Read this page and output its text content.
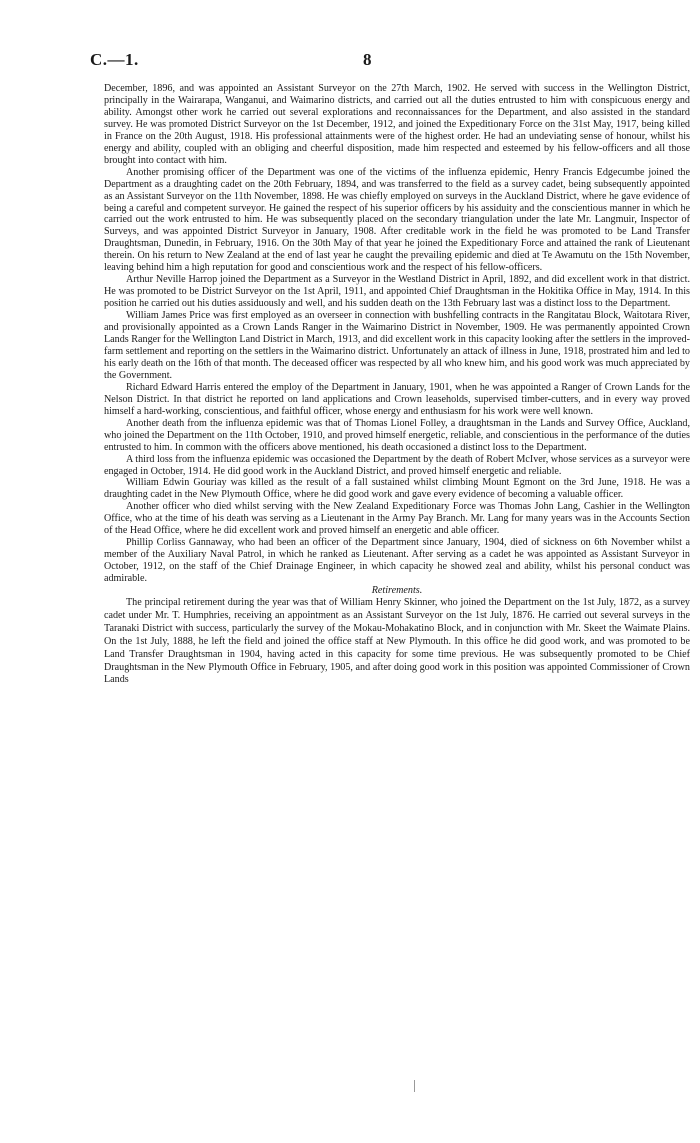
C.—1.	8

December, 1896, and was appointed an Assistant Surveyor on the 27th March, 1902. He served with success in the Wellington District, principally in the Wairarapa, Wanganui, and Waimarino districts, and carried out all the duties entrusted to him with conspicuous energy and ability. Amongst other work he carried out several explorations and reconnaissances for the Department, and also assisted in the standard survey. He was promoted District Surveyor on the 1st December, 1912, and joined the Expeditionary Force on the 31st May, 1917, being killed in France on the 20th August, 1918. His professional attainments were of the highest order. He had an undeviating sense of honour, whilst his energy and ability, coupled with an obliging and cheerful disposition, made him respected and esteemed by his fellow-officers and all those brought into contact with him.

Another promising officer of the Department was one of the victims of the influenza epidemic, Henry Francis Edgecumbe joined the Department as a draughting cadet on the 20th February, 1894, and was transferred to the field as a survey cadet, being subsequently appointed as an Assistant Surveyor on the 11th November, 1898. He was chiefly employed on surveys in the Auckland District, where he gave evidence of being a careful and competent surveyor. He gained the respect of his superior officers by his assiduity and the conscientious manner in which he carried out the work entrusted to him. He was subsequently placed on the secondary triangulation under the late Mr. Langmuir, Inspector of Surveys, and was appointed District Surveyor in January, 1908. After creditable work in the field he was promoted to be Land Transfer Draughtsman, Dunedin, in February, 1916. On the 30th May of that year he joined the Expeditionary Force and attained the rank of Lieutenant therein. On his return to New Zealand at the end of last year he caught the prevailing epidemic and died at Te Awamutu on the 15th November, leaving behind him a high reputation for good and conscientious work and the respect of his fellow-officers.

Arthur Neville Harrop joined the Department as a Surveyor in the Westland District in April, 1892, and did excellent work in that district. He was promoted to be District Surveyor on the 1st April, 1911, and appointed Chief Draughtsman in the Hokitika Office in May, 1914. In this position he carried out his duties assiduously and well, and his sudden death on the 13th February last was a distinct loss to the Department.

William James Price was first employed as an overseer in connection with bushfelling contracts in the Rangitatau Block, Waitotara River, and provisionally appointed as a Crown Lands Ranger in the Waimarino District in November, 1909. He was permanently appointed Crown Lands Ranger for the Wellington Land District in March, 1913, and did excellent work in this capacity looking after the settlers in the improved-farm settlement and reporting on the settlers in the Waimarino district. Unfortunately an attack of illness in June, 1918, prostrated him and led to his early death on the 16th of that month. The deceased officer was respected by all who knew him, and his good work was much appreciated by the Government.

Richard Edward Harris entered the employ of the Department in January, 1901, when he was appointed a Ranger of Crown Lands for the Nelson District. In that district he reported on land applications and Crown leaseholds, supervised timber-cutters, and in every way proved himself a hard-working, conscientious, and faithful officer, whose energy and enthusiasm for his work were well known.

Another death from the influenza epidemic was that of Thomas Lionel Folley, a draughtsman in the Lands and Survey Office, Auckland, who joined the Department on the 11th October, 1910, and proved himself energetic, reliable, and conscientious in the performance of the duties entrusted to him. In common with the officers above mentioned, his death occasioned a distinct loss to the Department.

A third loss from the influenza epidemic was occasioned the Department by the death of Robert McIver, whose services as a surveyor were engaged in October, 1914. He did good work in the Auckland District, and proved himself energetic and reliable.

William Edwin Gouriay was killed as the result of a fall sustained whilst climbing Mount Egmont on the 3rd June, 1918. He was a draughting cadet in the New Plymouth Office, where he did good work and gave every evidence of becoming a valuable officer.

Another officer who died whilst serving with the New Zealand Expeditionary Force was Thomas John Lang, Cashier in the Wellington Office, who at the time of his death was serving as a Lieutenant in the Army Pay Branch. Mr. Lang for many years was in the Accounts Section of the Head Office, where he did excellent work and proved himself an energetic and able officer.

Phillip Corliss Gannaway, who had been an officer of the Department since January, 1904, died of sickness on 6th November whilst a member of the Auxiliary Naval Patrol, in which he ranked as Lieutenant. After serving as a cadet he was appointed as Assistant Surveyor in October, 1912, on the staff of the Chief Drainage Engineer, in which capacity he showed zeal and ability, whilst his personal conduct was admirable.

Retirements.

The principal retirement during the year was that of William Henry Skinner, who joined the Department on the 1st July, 1872, as a survey cadet under Mr. T. Humphries, receiving an appointment as an Assistant Surveyor on the 1st July, 1876. He carried out several surveys in the Taranaki District with success, particularly the survey of the Mokau-Mohakatino Block, and in conjunction with Mr. Skeet the Waimate Plains. On the 1st July, 1888, he left the field and joined the office staff at New Plymouth. In this office he did good work, and was promoted to be Land Transfer Draughtsman in 1904, having acted in this capacity for some time previous. He was subsequently promoted to be Chief Draughtsman in the New Plymouth Office in February, 1905, and after doing good work in this position was appointed Commissioner of Crown Lands
